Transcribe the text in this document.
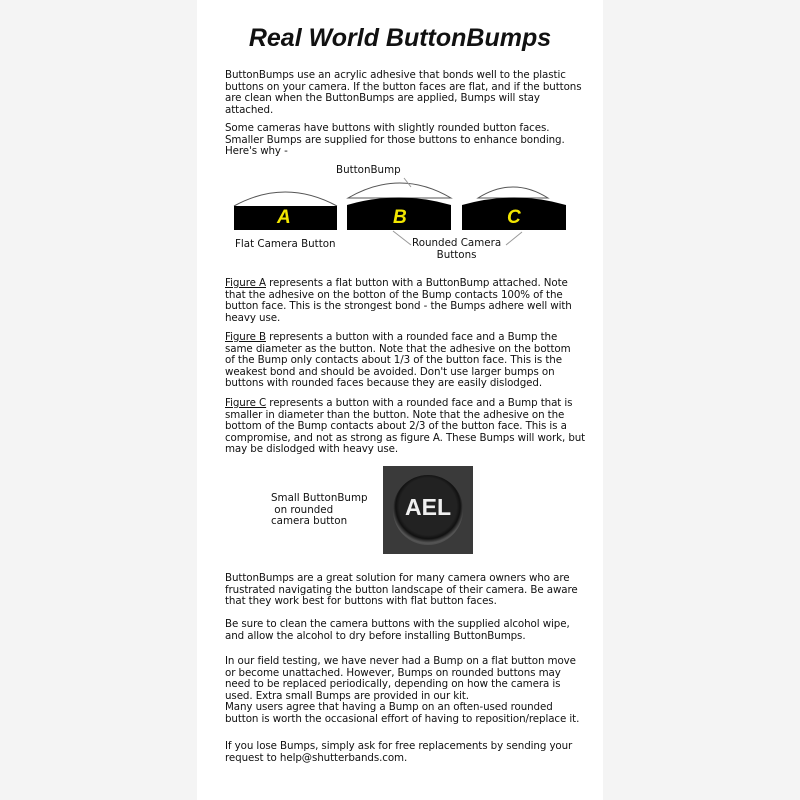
Real World ButtonBumps
ButtonBumps use an acrylic adhesive that bonds well to the plastic
buttons on your camera. If the button faces are flat, and if the buttons
are clean when the ButtonBumps are applied, Bumps will stay
attached.
Some cameras have buttons with slightly rounded button faces.
Smaller Bumps are supplied for those buttons to enhance bonding.
Here's why -
A	B	C
ButtonBump
Flat Camera Button	Rounded Camera
Buttons
Figure A represents a flat button with a ButtonBump attached. Note
that the adhesive on the botton of the Bump contacts 100% of the
button face. This is the strongest bond - the Bumps adhere well with
heavy use.
Figure B represents a button with a rounded face and a Bump the
same diameter as the button. Note that the adhesive on the bottom
of the Bump only contacts about 1/3 of the button face. This is the
weakest bond and should be avoided. Don't use larger bumps on
buttons with rounded faces because they are easily dislodged.
Figure C represents a button with a rounded face and a Bump that is
smaller in diameter than the button. Note that the adhesive on the
bottom of the Bump contacts about 2/3 of the button face. This is a
compromise, and not as strong as figure A. These Bumps will work, but
may be dislodged with heavy use.
Small ButtonBump
on rounded
camera button
AEL
ButtonBumps are a great solution for many camera owners who are
frustrated navigating the button landscape of their camera. Be aware
that they work best for buttons with flat button faces.
Be sure to clean the camera buttons with the supplied alcohol wipe,
and allow the alcohol to dry before installing ButtonBumps.
In our field testing, we have never had a Bump on a flat button move
or become unattached. However, Bumps on rounded buttons may
need to be replaced periodically, depending on how the camera is
used. Extra small Bumps are provided in our kit.
Many users agree that having a Bump on an often-used rounded
button is worth the occasional effort of having to reposition/replace it.
If you lose Bumps, simply ask for free replacements by sending your
request to help@shutterbands.com.
